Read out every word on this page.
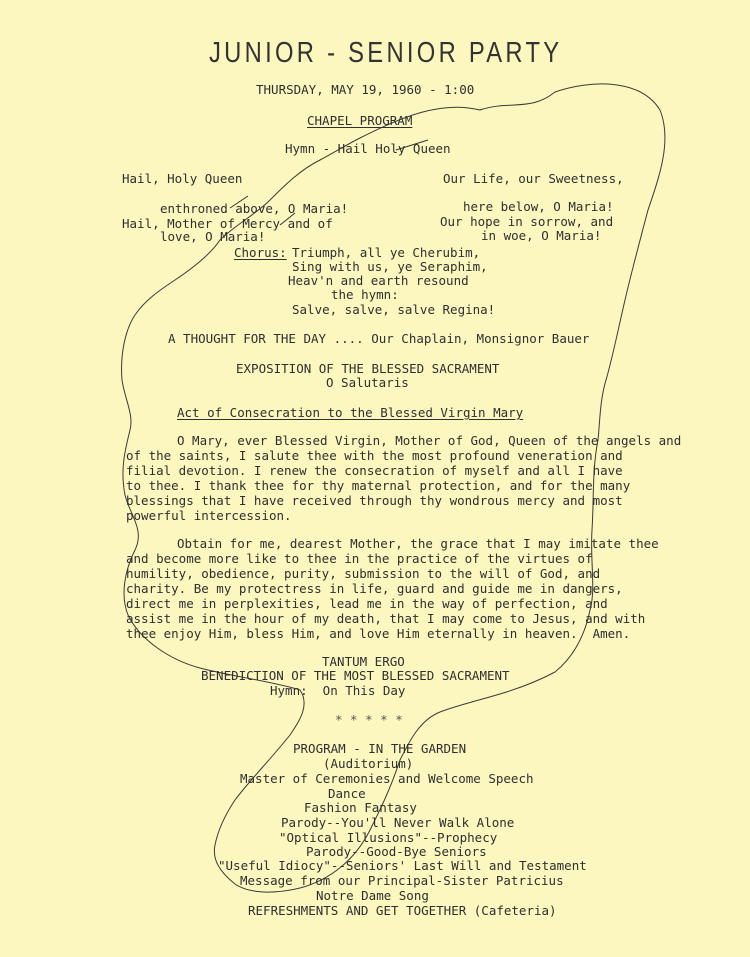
JUNIOR - SENIOR PARTY
THURSDAY, MAY 19, 1960 - 1:00
CHAPEL PROGRAM
Hymn - Hail Holy Queen
Hail, Holy Queen
enthroned above, O Maria!
Hail, Mother of Mercy and of
love, O Maria!
Our Life, our Sweetness,
here below, O Maria!
Our hope in sorrow, and
in woe, O Maria!
Chorus: Triumph, all ye Cherubim,
Sing with us, ye Seraphim,
Heav'n and earth resound
the hymn:
Salve, salve, salve Regina!
A THOUGHT FOR THE DAY .... Our Chaplain, Monsignor Bauer
EXPOSITION OF THE BLESSED SACRAMENT
O Salutaris
Act of Consecration to the Blessed Virgin Mary
O Mary, ever Blessed Virgin, Mother of God, Queen of the angels and
of the saints, I salute thee with the most profound veneration and
filial devotion. I renew the consecration of myself and all I have
to thee. I thank thee for thy maternal protection, and for the many
blessings that I have received through thy wondrous mercy and most
powerful intercession.
Obtain for me, dearest Mother, the grace that I may imitate thee
and become more like to thee in the practice of the virtues of
humility, obedience, purity, submission to the will of God, and
charity. Be my protectress in life, guard and guide me in dangers,
direct me in perplexities, lead me in the way of perfection, and
assist me in the hour of my death, that I may come to Jesus, and with
thee enjoy Him, bless Him, and love Him eternally in heaven.  Amen.
TANTUM ERGO
BENEDICTION OF THE MOST BLESSED SACRAMENT
Hymn:  On This Day
* * * * *
PROGRAM - IN THE GARDEN
(Auditorium)
Master of Ceremonies and Welcome Speech
Dance
Fashion Fantasy
Parody--You'll Never Walk Alone
"Optical Illusions"--Prophecy
Parody--Good-Bye Seniors
"Useful Idiocy"--Seniors' Last Will and Testament
Message from our Principal-Sister Patricius
Notre Dame Song
REFRESHMENTS AND GET TOGETHER (Cafeteria)
